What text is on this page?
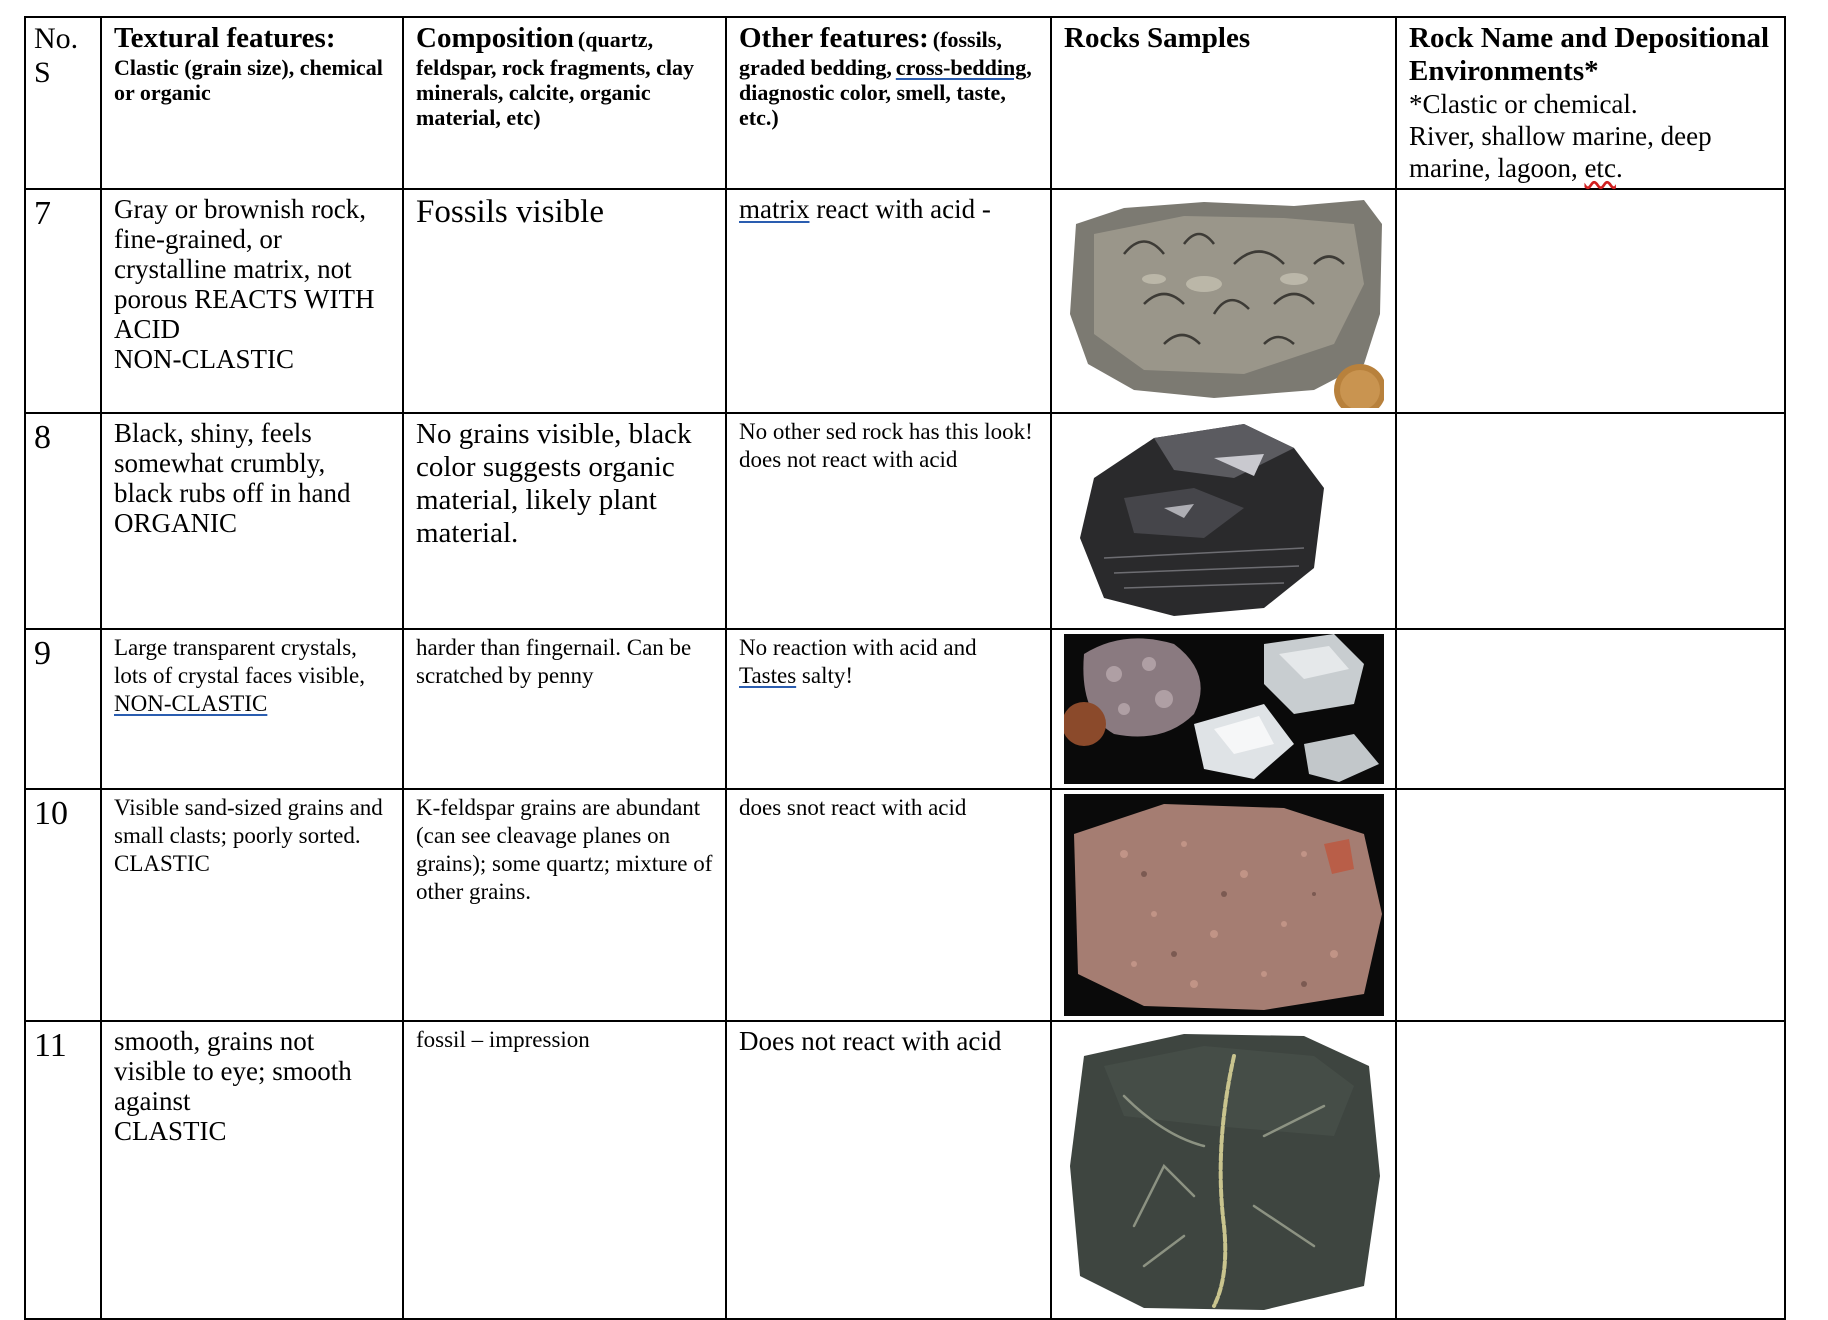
No.
S	Textural features:
Clastic (grain size), chemical or organic	Composition (quartz,
feldspar, rock fragments, clay minerals, calcite, organic material, etc)	Other features: (fossils,
graded bedding, cross-bedding, diagnostic color, smell, taste, etc.)	Rocks Samples	Rock Name and Depositional Environments*
*Clastic or chemical.
River, shallow marine, deep marine, lagoon, etc.

7	Gray or brownish rock, fine-grained, or crystalline matrix, not porous REACTS WITH ACID
NON-CLASTIC	Fossils visible	matrix react with acid -	

8	Black, shiny, feels somewhat crumbly, black rubs off in hand
ORGANIC	No grains visible, black color suggests organic material, likely plant material.	No other sed rock has this look!
does not react with acid

9	Large transparent crystals, lots of crystal faces visible,
NON-CLASTIC	harder than fingernail. Can be scratched by penny	No reaction with acid and
Tastes salty!

10	Visible sand-sized grains and small clasts; poorly sorted.
CLASTIC	K-feldspar grains are abundant (can see cleavage planes on grains); some quartz; mixture of other grains.	does snot react with acid	

11	smooth, grains not visible to eye; smooth against
CLASTIC	fossil – impression	Does not react with acid	
